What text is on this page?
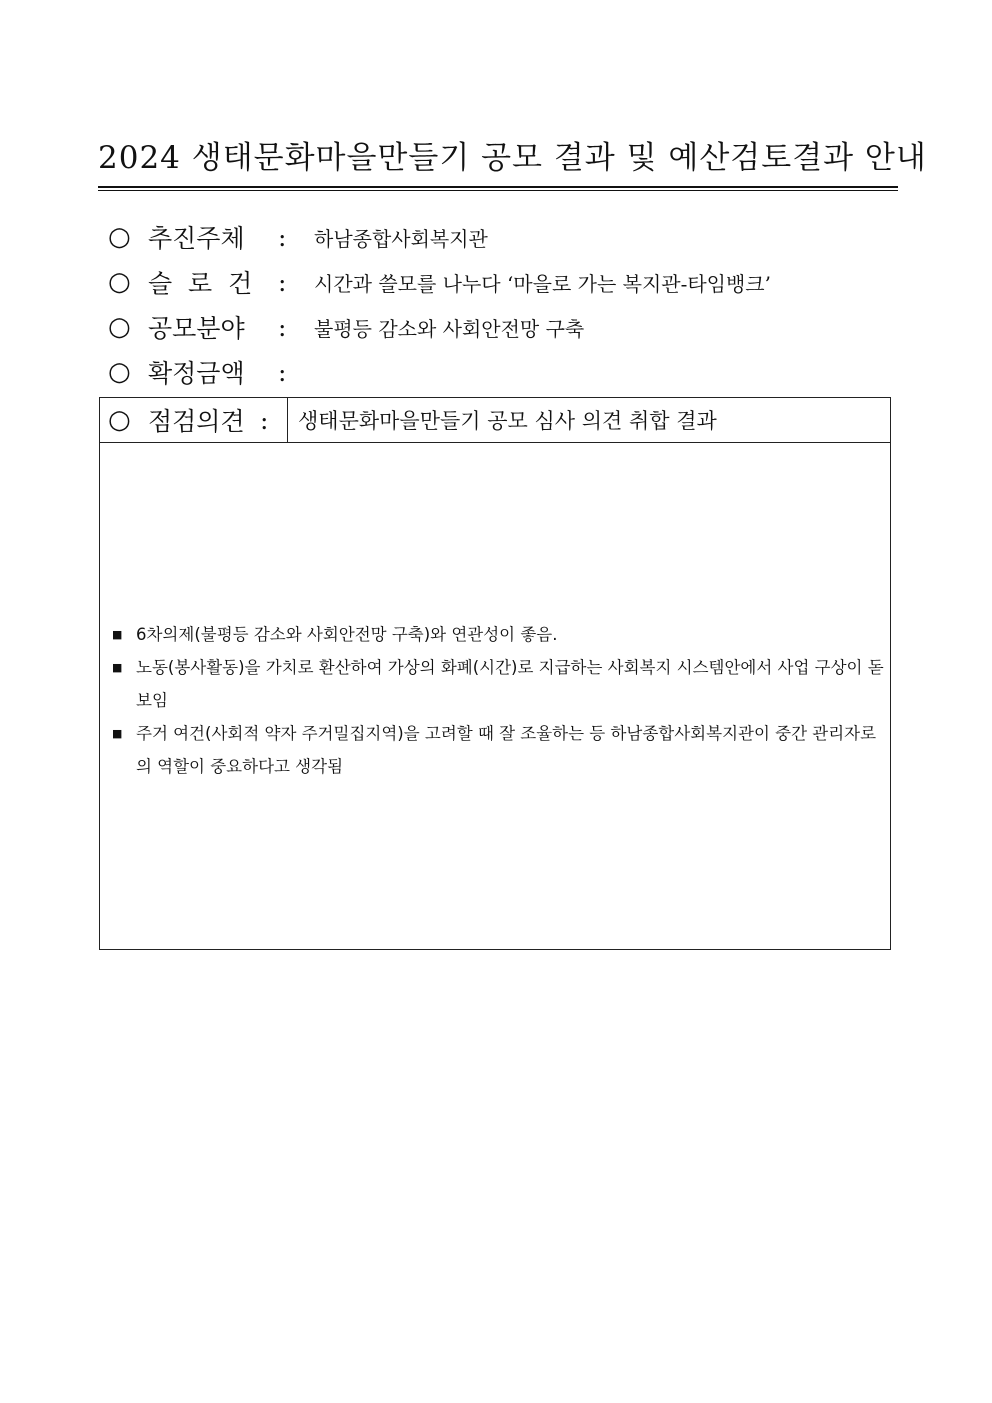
2024 생태문화마을만들기 공모 결과 및 예산검토결과 안내
○ 추진주체	:	하남종합사회복지관
○ 슬  로  건	:	시간과 쓸모를 나누다 ‘마을로 가는 복지관-타임뱅크’
○ 공모분야	:	불평등 감소와 사회안전망 구축
○ 확정금액	:
○ 점검의견 :	생태문화마을만들기 공모 심사 의견 취합 결과
■ 6차의제(불평등 감소와 사회안전망 구축)와 연관성이 좋음.
■ 노동(봉사활동)을 가치로 환산하여 가상의 화폐(시간)로 지급하는 사회복지 시스템안에서 사업 구상이 돋보임
■ 주거 여건(사회적 약자 주거밀집지역)을 고려할 때 잘 조율하는 등 하남종합사회복지관이 중간 관리자로의 역할이 중요하다고 생각됨
